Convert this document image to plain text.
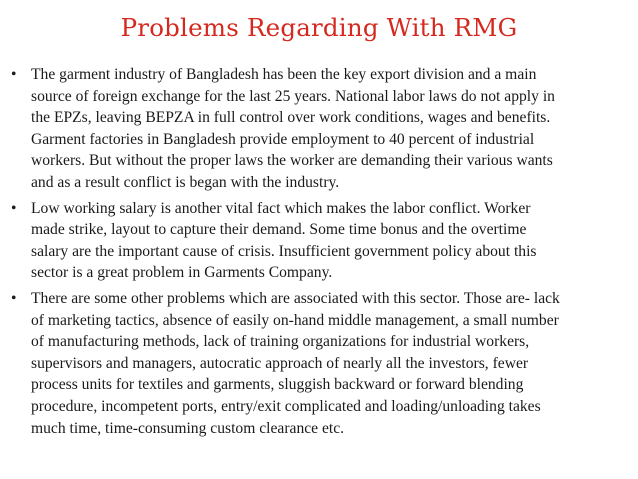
Problems Regarding With RMG
• The garment industry of Bangladesh has been the key export division and a main
source of foreign exchange for the last 25 years. National labor laws do not apply in
the EPZs, leaving BEPZA in full control over work conditions, wages and benefits.
Garment factories in Bangladesh provide employment to 40 percent of industrial
workers. But without the proper laws the worker are demanding their various wants
and as a result conflict is began with the industry.
• Low working salary is another vital fact which makes the labor conflict. Worker
made strike, layout to capture their demand. Some time bonus and the overtime
salary are the important cause of crisis. Insufficient government policy about this
sector is a great problem in Garments Company.
• There are some other problems which are associated with this sector. Those are- lack
of marketing tactics, absence of easily on-hand middle management, a small number
of manufacturing methods, lack of training organizations for industrial workers,
supervisors and managers, autocratic approach of nearly all the investors, fewer
process units for textiles and garments, sluggish backward or forward blending
procedure, incompetent ports, entry/exit complicated and loading/unloading takes
much time, time-consuming custom clearance etc.
